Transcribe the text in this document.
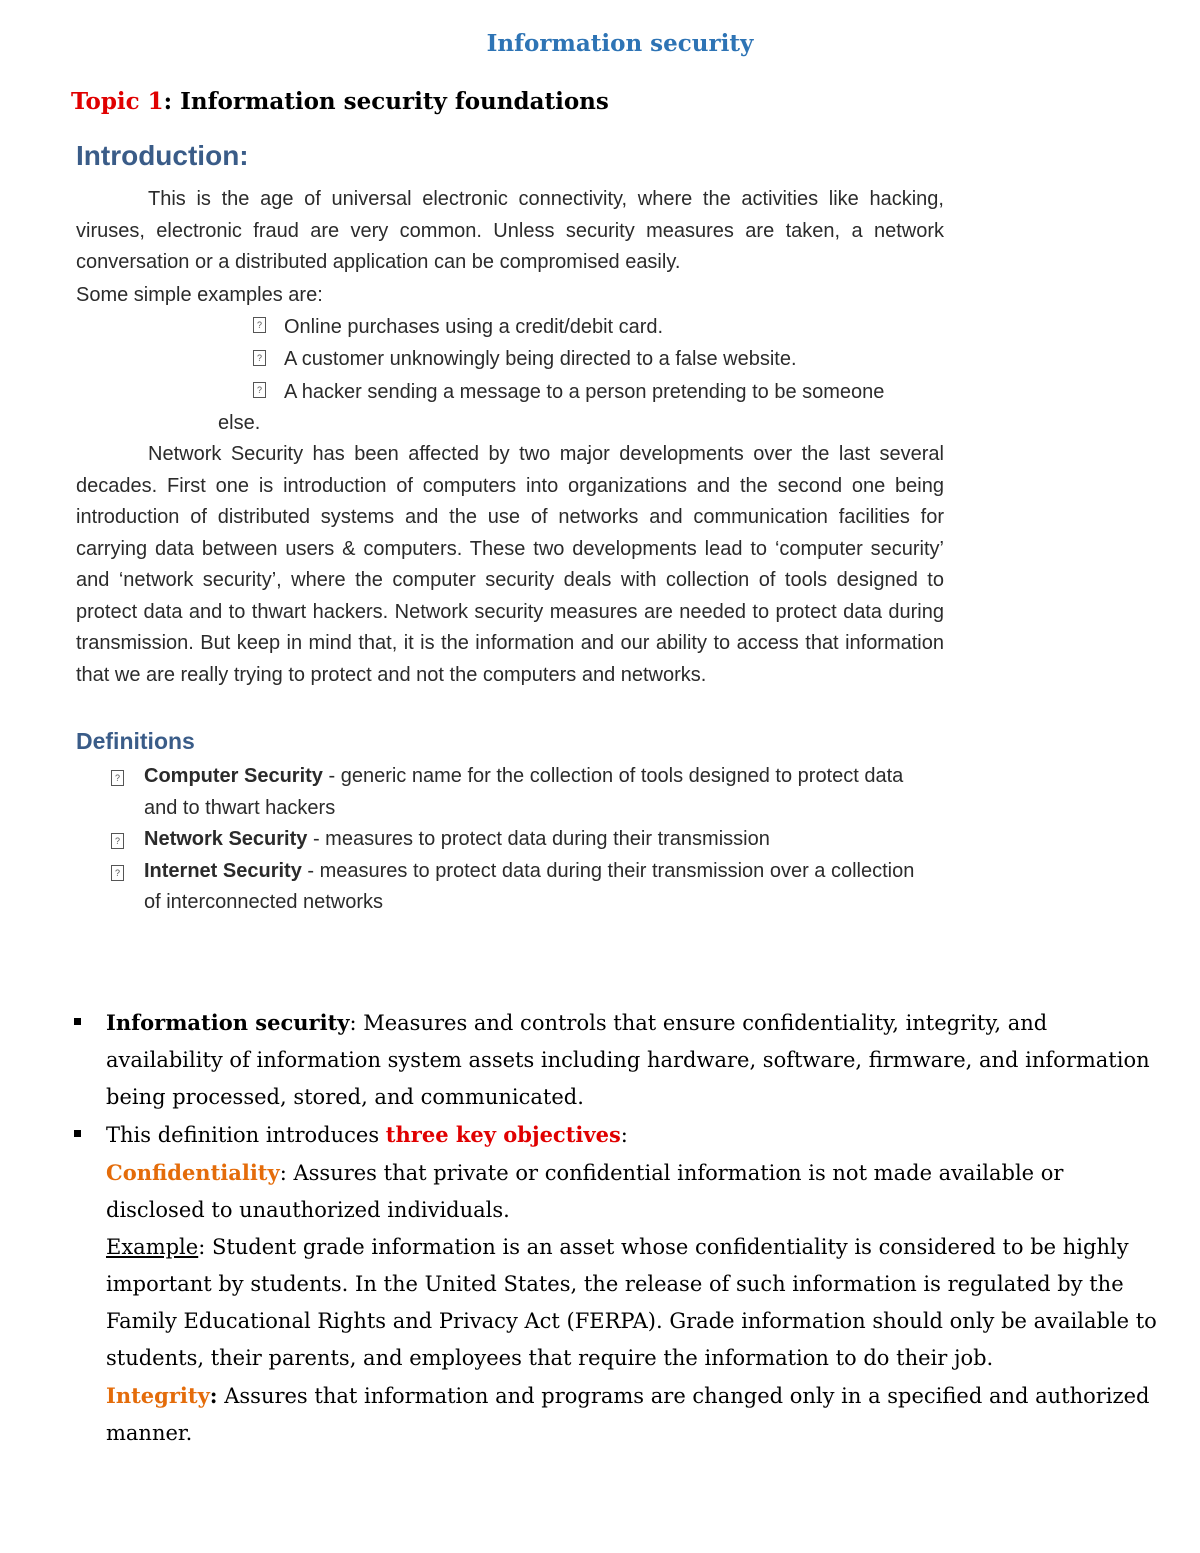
Information security
Topic 1: Information security foundations
Introduction:

This is the age of universal electronic connectivity, where the activities like hacking, viruses, electronic fraud are very common. Unless security measures are taken, a network conversation or a distributed application can be compromised easily.

Some simple examples are:

? Online purchases using a credit/debit card.
? A customer unknowingly being directed to a false website.
? A hacker sending a message to a person pretending to be someone
else.

Network Security has been affected by two major developments over the last several decades. First one is introduction of computers into organizations and the second one being introduction of distributed systems and the use of networks and communication facilities for carrying data between users & computers. These two developments lead to ‘computer security’ and ‘network security’, where the computer security deals with collection of tools designed to protect data and to thwart hackers. Network security measures are needed to protect data during transmission. But keep in mind that, it is the information and our ability to access that information that we are really trying to protect and not the computers and networks.

Definitions
? Computer Security - generic name for the collection of tools designed to protect data and to thwart hackers
? Network Security - measures to protect data during their transmission
? Internet Security - measures to protect data during their transmission over a collection of interconnected networks
Information security: Measures and controls that ensure confidentiality, integrity, and availability of information system assets including hardware, software, firmware, and information being processed, stored, and communicated.
This definition introduces three key objectives:
Confidentiality: Assures that private or confidential information is not made available or disclosed to unauthorized individuals.
Example: Student grade information is an asset whose confidentiality is considered to be highly important by students. In the United States, the release of such information is regulated by the Family Educational Rights and Privacy Act (FERPA). Grade information should only be available to students, their parents, and employees that require the information to do their job.
Integrity: Assures that information and programs are changed only in a specified and authorized manner.
